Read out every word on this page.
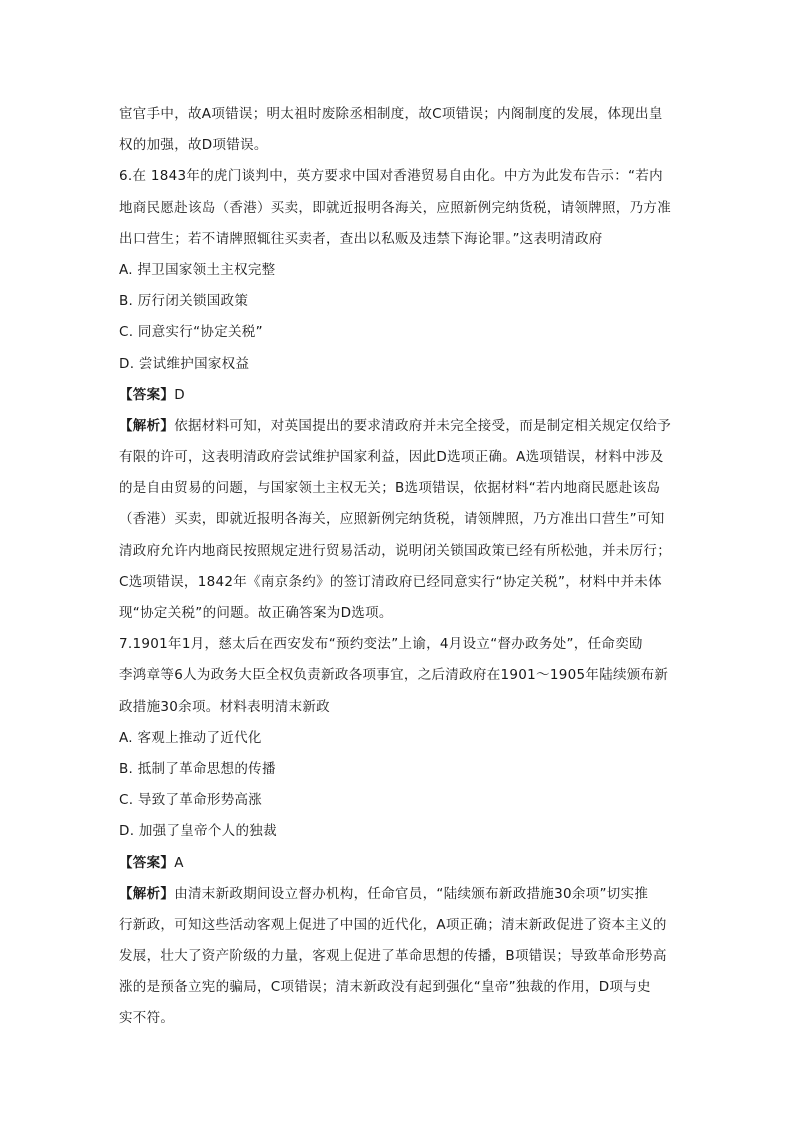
宦官手中，故A项错误；明太祖时废除丞相制度，故C项错误；内阁制度的发展，体现出皇
权的加强，故D项错误。
6.在 1843年的虎门谈判中，英方要求中国对香港贸易自由化。中方为此发布告示：“若内
地商民愿赴该岛（香港）买卖，即就近报明各海关，应照新例完纳货税，请领牌照，乃方准
出口营生；若不请牌照辄往买卖者，查出以私贩及违禁下海论罪。”这表明清政府
A. 捍卫国家领土主权完整
B. 厉行闭关锁国政策
C. 同意实行“协定关税”
D. 尝试维护国家权益
【答案】D
【解析】依据材料可知，对英国提出的要求清政府并未完全接受，而是制定相关规定仅给予
有限的许可，这表明清政府尝试维护国家利益，因此D选项正确。A选项错误，材料中涉及
的是自由贸易的问题，与国家领土主权无关；B选项错误，依据材料“若内地商民愿赴该岛
（香港）买卖，即就近报明各海关，应照新例完纳货税，请领牌照，乃方准出口营生”可知
清政府允许内地商民按照规定进行贸易活动，说明闭关锁国政策已经有所松弛，并未厉行；
C选项错误，1842年《南京条约》的签订清政府已经同意实行“协定关税”，材料中并未体
现“协定关税”的问题。故正确答案为D选项。
7.1901年1月，慈太后在西安发布“预约变法”上谕，4月设立“督办政务处”，任命奕劻
李鸿章等6人为政务大臣全权负责新政各项事宜，之后清政府在1901～1905年陆续颁布新
政措施30余项。材料表明清末新政
A. 客观上推动了近代化
B. 抵制了革命思想的传播
C. 导致了革命形势高涨
D. 加强了皇帝个人的独裁
【答案】A
【解析】由清末新政期间设立督办机构，任命官员，“陆续颁布新政措施30余项”切实推
行新政，可知这些活动客观上促进了中国的近代化，A项正确；清末新政促进了资本主义的
发展，壮大了资产阶级的力量，客观上促进了革命思想的传播，B项错误；导致革命形势高
涨的是预备立宪的骗局，C项错误；清末新政没有起到强化“皇帝”独裁的作用，D项与史
实不符。
